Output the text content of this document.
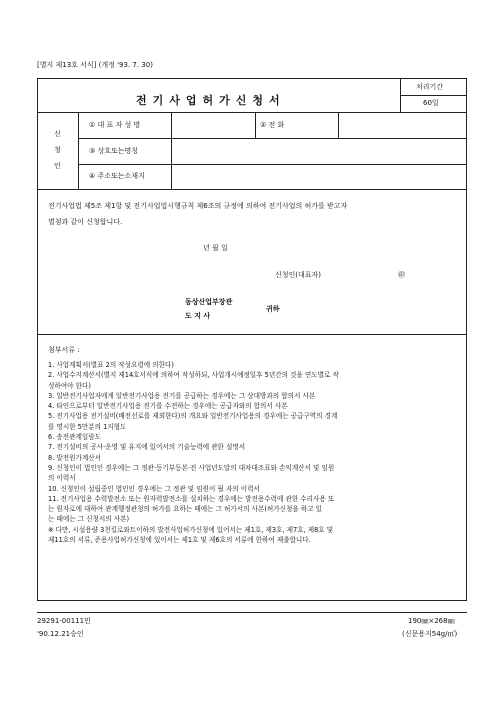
[별지 제13호 서식] (개정 '93. 7. 30)
전기사업허가신청서
처리기간
60일
신
청
인
① 대 표 자 성 명	② 전 화
③ 상호또는명칭
④ 주소또는소재지
전기사업법 제5조 제1항 및 전기사업법시행규칙 제6조의 규정에 의하여 전기사업의 허가를 받고자
별첨과 같이 신청합니다.
년 월 일
신청인(대표자)	㊞
동상산업부장관
도 지 사
귀하
첨부서류 :
1. 사업계획서(별표 2의 작성요령에 의한다)
2. 사업수지계산서(별지 제14호서식에 의하여 작성하되, 사업개시예정일후 5년간의 것을 연도별로 작
성하여야 한다)
3. 일반전기사업자에게 일반전기사업용 전기를 공급하는 경우에는 그 상대방과의 합의서 사본
4. 타인으로부터 일반전기사업용 전기를 수전하는 경우에는 공급자와의 합의서 사본
5. 전기사업용 전기설비(배전선로를 제외한다)의 개요와 일반전기사업용의 경우에는 공급구역의 경계
를 명시한 5만분의 1지형도
6. 송전관계일람도
7. 전기설비의 공사·운영 및 유지에 있어서의 기술능력에 관한 설명서
8. 발전원가계산서
9. 신청인이 법인인 경우에는 그 정관·등기부등본·전 사업년도말의 대차대조표와 손익계산서 및 임원
의 이력서
10. 신청인이 설립중인 법인인 경우에는 그 정관 및 임원이 될 자의 이력서
11. 전기사업용 수력발전소 또는 원자력발전소를 설치하는 경우에는 발전용수력에 관한 수리사용 또
는 원자로에 대하여 관계행정관청의 허가를 요하는 때에는 그 허가서의 사본(허가신청을 하고 있
는 때에는 그 신청서의 사본)
※ 다만, 시설용량 3천킬로와트이하의 발전사업허가신청에 있어서는 제1호, 제3호, 제7호, 제8호 및
제11호의 서류, 준용사업허가신청에 있어서는 제1호 및 제6호의 서류에 한하여 제출합니다.
29291-00111민
'90.12.21승인
190㎜×268㎜
(신문용지54g/㎡)
